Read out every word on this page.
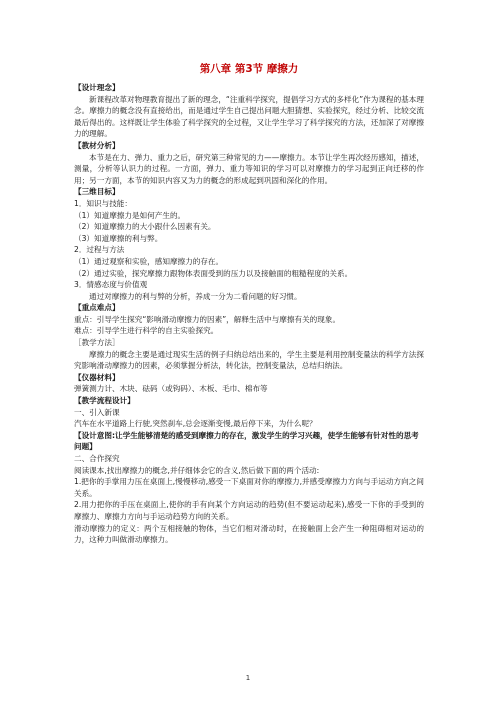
第八章 第3节 摩擦力

【设计理念】

新课程改革对物理教育提出了新的理念，“注重科学探究，提倡学习方式的多样化”作为课程的基本理念。摩擦力的概念没有直接给出，而是通过学生自己提出问题大胆猜想、实验探究，经过分析、比较交流最后得出的。这样既让学生体验了科学探究的全过程，又让学生学习了科学探究的方法，还加深了对摩擦力的理解。

【教材分析】

本节是在力、弹力、重力之后，研究第三种常见的力——摩擦力。本节让学生再次经历感知，描述，测量，分析等认识力的过程。一方面，弹力、重力等知识的学习可以对摩擦力的学习起到正向迁移的作用；另一方面，本节的知识内容又为力的概念的形成起到巩固和深化的作用。

【三维目标】

1．知识与技能：

（1）知道摩擦力是如何产生的。

（2）知道摩擦力的大小跟什么因素有关。

（3）知道摩擦的利与弊。

2．过程与方法

（1）通过观察和实验，感知摩擦力的存在。

（2）通过实验，探究摩擦力跟物体表面受到的压力以及接触面的粗糙程度的关系。

3．情感态度与价值观

通过对摩擦力的利与弊的分析，养成一分为二看问题的好习惯。

【重点难点】

重点：引导学生探究“影响滑动摩擦力的因素”，解释生活中与摩擦有关的现象。

难点：引导学生进行科学的自主实验探究。

［教学方法］

摩擦力的概念主要是通过现实生活的例子归纳总结出来的，学生主要是利用控制变量法的科学方法探究影响滑动摩擦力的因素，必须掌握分析法，转化法，控制变量法，总结归纳法。

【仪器材料】

弹簧测力计、木块、砝码（或钩码）、木板、毛巾、棉布等

【教学流程设计】

一、引入新课

汽车在水平道路上行驶,突然刹车,总会逐渐变慢,最后停下来，为什么呢？

【设计意图:让学生能够清楚的感受到摩擦力的存在，激发学生的学习兴趣，使学生能够有针对性的思考问题】

二、合作探究

阅读课本,找出摩擦力的概念,并仔细体会它的含义,然后做下面的两个活动:

1.把你的手掌用力压在桌面上,慢慢移动,感受一下桌面对你的摩擦力,并感受摩擦力方向与手运动方向之间关系。

2.用力把你的手压在桌面上,使你的手有向某个方向运动的趋势(但不要运动起来),感受一下你的手受到的摩擦力、摩擦力方向与手运动趋势方向的关系。

滑动摩擦力的定义：两个互相接触的物体，当它们相对滑动时，在接触面上会产生一种阻碍相对运动的力，这种力叫做滑动摩擦力。

1
